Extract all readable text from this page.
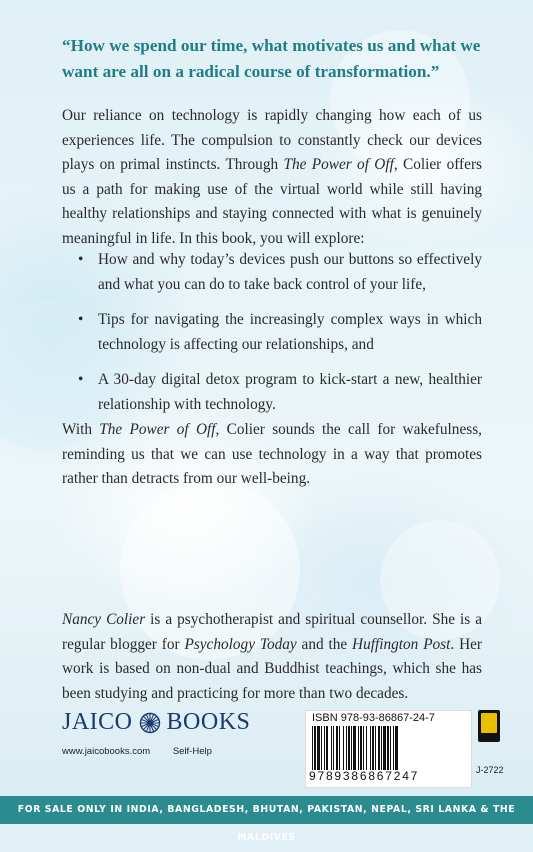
“How we spend our time, what motivates us and what we want are all on a radical course of transformation.”
Our reliance on technology is rapidly changing how each of us experiences life. The compulsion to constantly check our devices plays on primal instincts. Through The Power of Off, Colier offers us a path for making use of the virtual world while still having healthy relationships and staying connected with what is genuinely meaningful in life. In this book, you will explore:
• How and why today’s devices push our buttons so effectively and what you can do to take back control of your life,
• Tips for navigating the increasingly complex ways in which technology is affecting our relationships, and
• A 30-day digital detox program to kick-start a new, healthier relationship with technology.
With The Power of Off, Colier sounds the call for wakefulness, reminding us that we can use technology in a way that promotes rather than detracts from our well-being.
Nancy Colier is a psychotherapist and spiritual counsellor. She is a regular blogger for Psychology Today and the Huffington Post. Her work is based on non-dual and Buddhist teachings, which she has been studying and practicing for more than two decades.
JAICO BOOKS
www.jaicobooks.com Self-Help
ISBN 978-93-86867-24-7
9789386867247	J-2722
FOR SALE ONLY IN INDIA, BANGLADESH, BHUTAN, PAKISTAN, NEPAL, SRI LANKA & THE MALDIVES
